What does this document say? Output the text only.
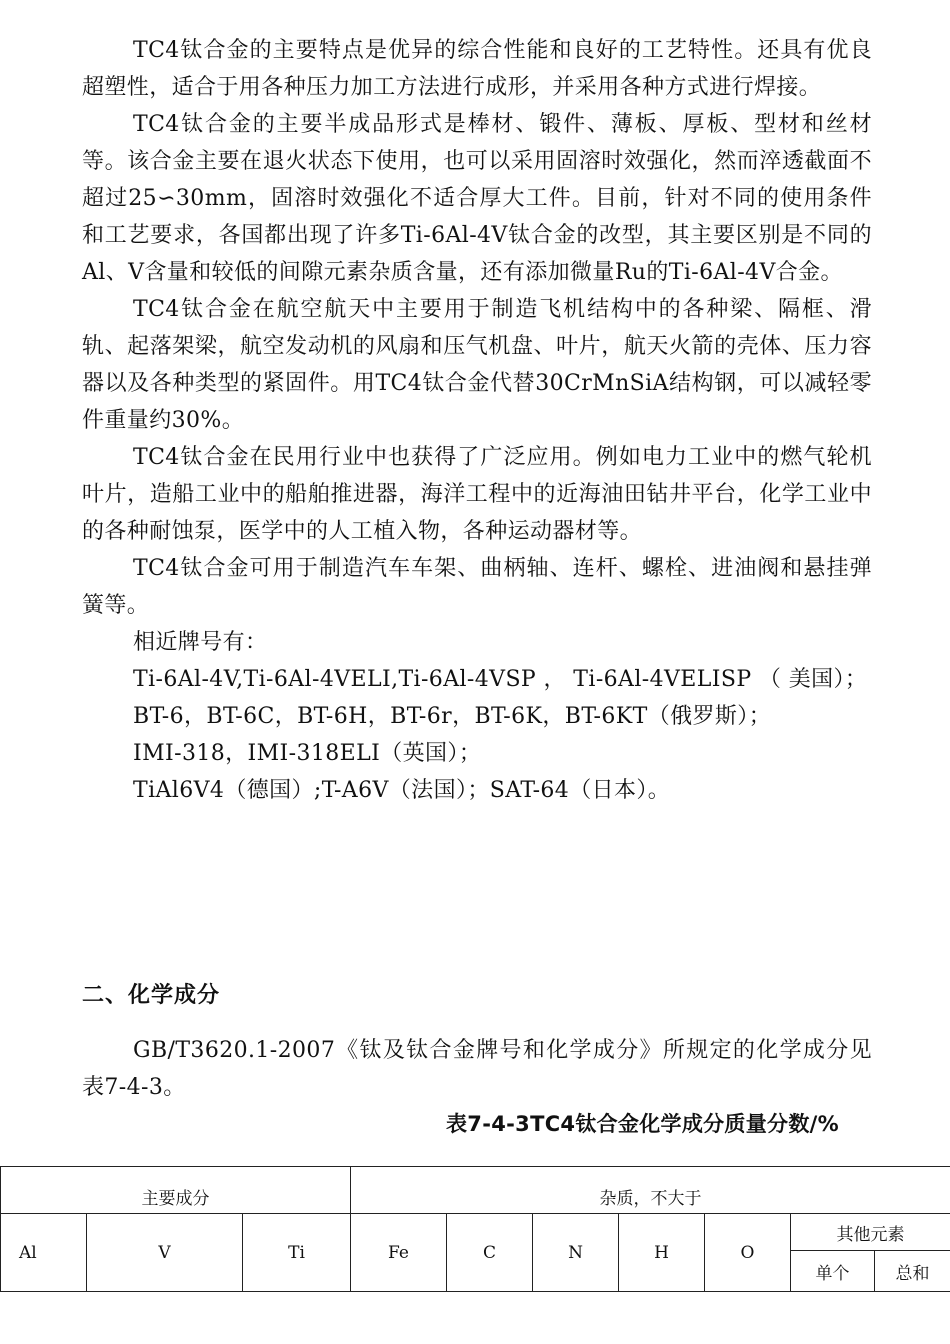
TC4钛合金的主要特点是优异的综合性能和良好的工艺特性。还具有优良超塑性，适合于用各种压力加工方法进行成形，并采用各种方式进行焊接。

TC4钛合金的主要半成品形式是棒材、锻件、薄板、厚板、型材和丝材等。该合金主要在退火状态下使用，也可以采用固溶时效强化，然而淬透截面不超过25∽30mm，固溶时效强化不适合厚大工件。目前，针对不同的使用条件和工艺要求，各国都出现了许多Ti-6Al-4V钛合金的改型，其主要区别是不同的Al、V含量和较低的间隙元素杂质含量，还有添加微量Ru的Ti-6Al-4V合金。

TC4钛合金在航空航天中主要用于制造飞机结构中的各种梁、隔框、滑轨、起落架梁，航空发动机的风扇和压气机盘、叶片，航天火箭的壳体、压力容器以及各种类型的紧固件。用TC4钛合金代替30CrMnSiA结构钢，可以减轻零件重量约30%。

TC4钛合金在民用行业中也获得了广泛应用。例如电力工业中的燃气轮机叶片，造船工业中的船舶推进器，海洋工程中的近海油田钻井平台，化学工业中的各种耐蚀泵，医学中的人工植入物，各种运动器材等。

TC4钛合金可用于制造汽车车架、曲柄轴、连杆、螺栓、进油阀和悬挂弹簧等。

相近牌号有：

Ti-6Al-4V,Ti-6Al-4VELI,Ti-6Al-4VSP ， Ti-6Al-4VELISP （ 美国）；

BT-6，BT-6C，BT-6H，BT-6r，BT-6K，BT-6KT（俄罗斯）；

IMI-318，IMI-318ELI（英国）；

TiAl6V4（德国）;T-A6V（法国）；SAT-64（日本）。

二、化学成分

GB/T3620.1-2007《钛及钛合金牌号和化学成分》所规定的化学成分见表7-4-3。

表7-4-3TC4钛合金化学成分质量分数/%
主要成分			杂质，不大于						
Al	V	Ti	Fe	C	N	H	O	其他元素	
								单个	总和
